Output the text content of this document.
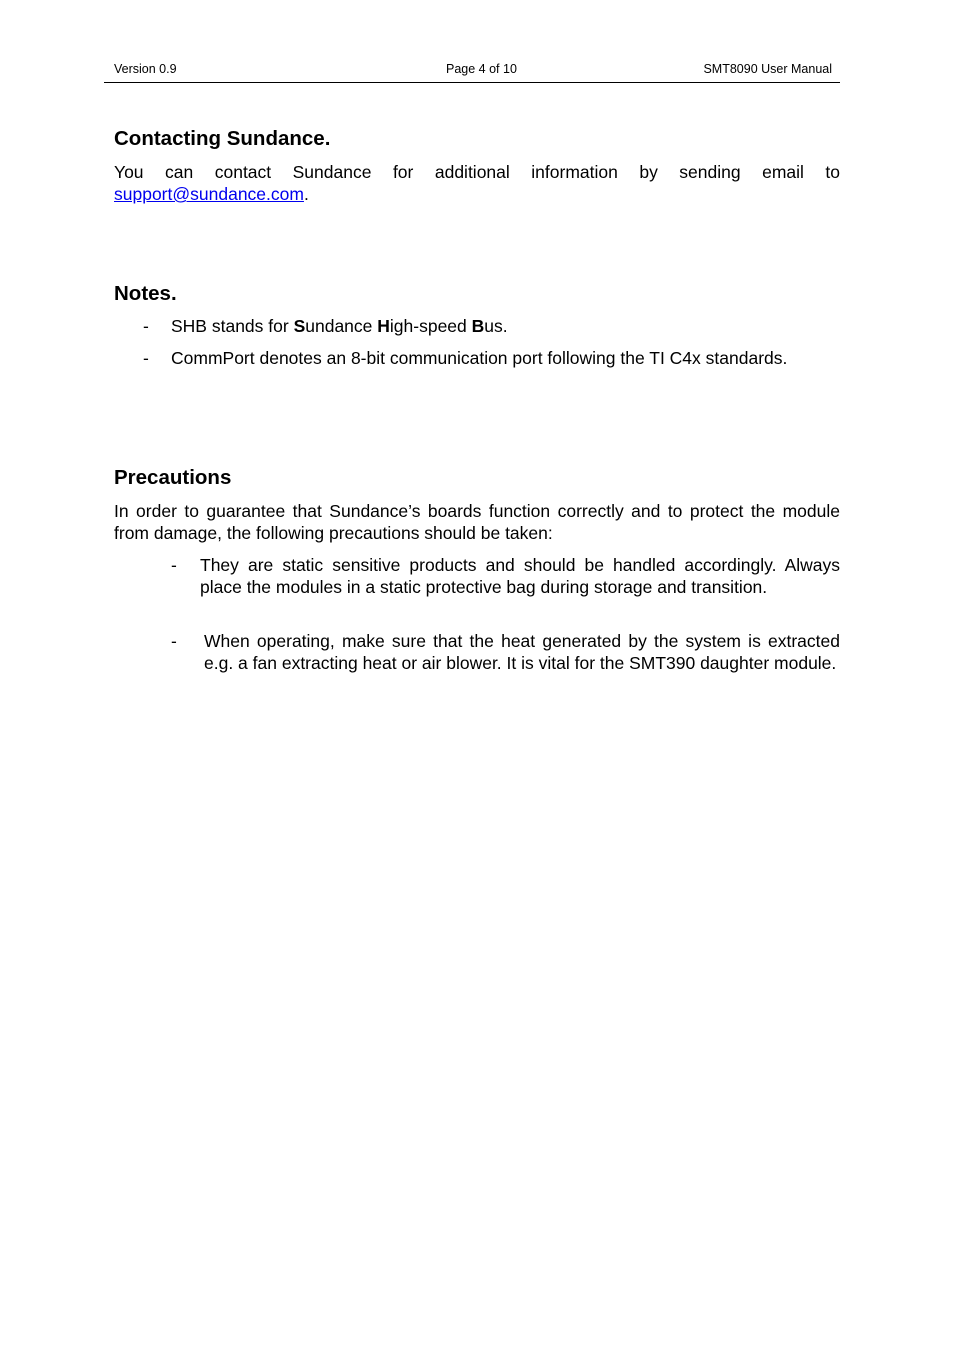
Version 0.9	Page 4 of 10	SMT8090 User Manual
Contacting Sundance.

You can contact Sundance for additional information by sending email to support@sundance.com.

Notes.
-	SHB stands for Sundance High-speed Bus.
-	CommPort denotes an 8-bit communication port following the TI C4x standards.
Precautions

In order to guarantee that Sundance’s boards function correctly and to protect the module from damage, the following precautions should be taken:

-	They are static sensitive products and should be handled accordingly. Always place the modules in a static protective bag during storage and transition.
-	When operating, make sure that the heat generated by the system is extracted e.g. a fan extracting heat or air blower. It is vital for the SMT390 daughter module.
